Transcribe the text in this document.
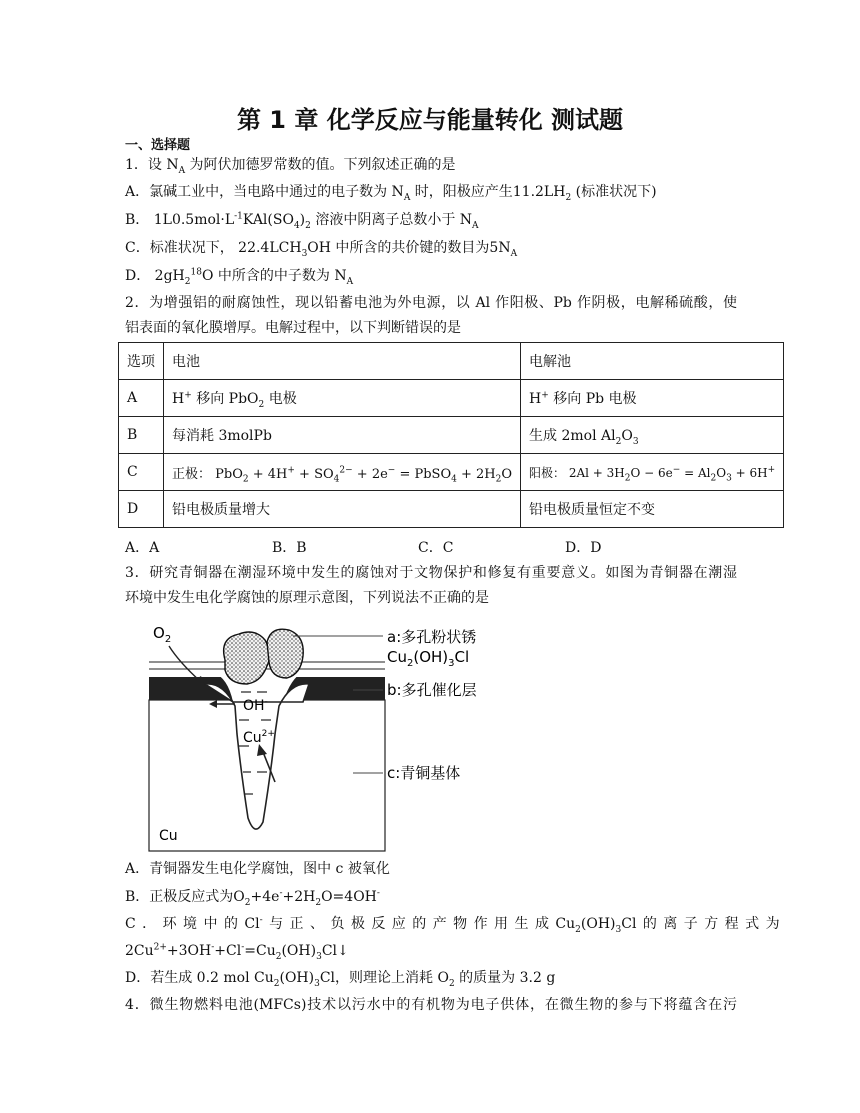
第 1 章 化学反应与能量转化 测试题
一、选择题
1．设 $N_A$ 为阿伏加德罗常数的值。下列叙述正确的是
A．氯碱工业中，当电路中通过的电子数为 $N_A$ 时，阳极应产生$11.2LH_2$ (标准状况下)
B． $1L0.5mol\cdot L^{-1}KAl(SO_4)_2$ 溶液中阴离子总数小于 $N_A$
C．标准状况下， $22.4LCH_3OH$ 中所含的共价键的数目为$5N_A$
D． $2gH_2^{18}O$ 中所含的中子数为 $N_A$
2．为增强铝的耐腐蚀性，现以铅蓄电池为外电源，以 Al 作阳极、Pb 作阴极，电解稀硫酸，使
铝表面的氧化膜增厚。电解过程中，以下判断错误的是
选项	电池	电解池
A	H+ 移向 PbO$_2$ 电极	H+ 移向 Pb 电极
B	每消耗 3molPb	生成 2mol $Al_2O_3$
C	正极： $PbO_2 + 4H^+ + SO_4^{2-} + 2e^-$ = PbSO$_4$ + $2H_2O$	阳极： $2Al + 3H_2O - 6e^- = Al_2O_3 + 6H^+$
D	铅电极质量增大	铅电极质量恒定不变
A．A	B．B	C．C	D．D
3．研究青铜器在潮湿环境中发生的腐蚀对于文物保护和修复有重要意义。如图为青铜器在潮湿
环境中发生电化学腐蚀的原理示意图，下列说法不正确的是
$O_2$	a:多孔粉状锈
$Cu_2(OH)_3Cl$
b:多孔催化层
OH-
$Cu^{2+}$
c:青铜基体
Cu
A．青铜器发生电化学腐蚀，图中 c 被氧化
B．正极反应式为$O_2+4e^-+2H_2O=4OH^-$
C ． 环 境 中 的 Cl- 与 正 、 负 极 反 应 的 产 物 作 用 生 成 $Cu_2(OH)_3Cl$ 的 离 子 方 程 式 为
$2Cu^{2+}+3OH^-+Cl^-=Cu_2(OH)_3Cl↓$
D．若生成 0.2 mol $Cu_2(OH)_3Cl$，则理论上消耗 $O_2$ 的质量为 3.2 g
4．微生物燃料电池(MFCs)技术以污水中的有机物为电子供体，在微生物的参与下将蕴含在污
